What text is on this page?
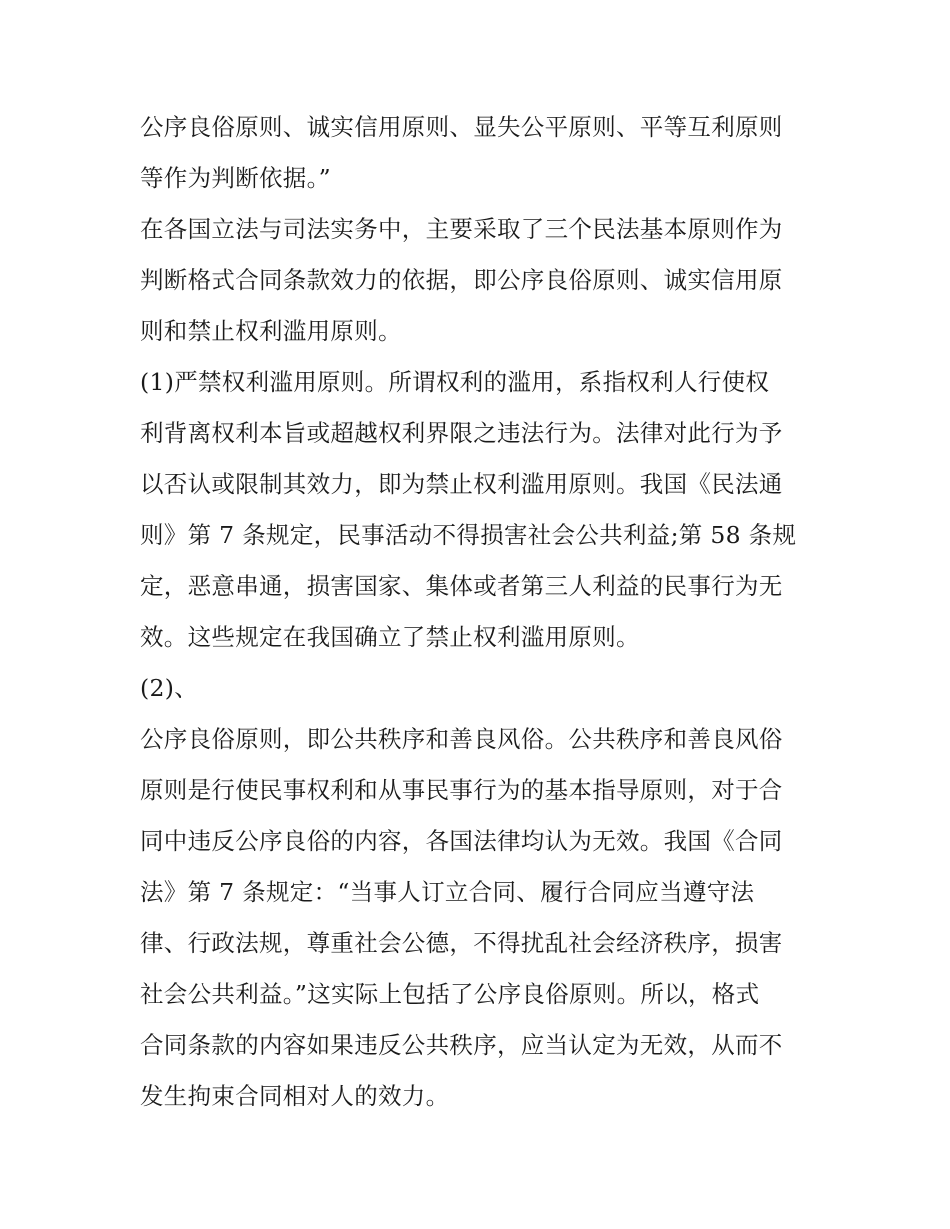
公序良俗原则、诚实信用原则、显失公平原则、平等互利原则
等作为判断依据。”
在各国立法与司法实务中，主要采取了三个民法基本原则作为
判断格式合同条款效力的依据，即公序良俗原则、诚实信用原
则和禁止权利滥用原则。
(1)严禁权利滥用原则。所谓权利的滥用，系指权利人行使权
利背离权利本旨或超越权利界限之违法行为。法律对此行为予
以否认或限制其效力，即为禁止权利滥用原则。我国《民法通
则》第 7 条规定，民事活动不得损害社会公共利益;第 58 条规
定，恶意串通，损害国家、集体或者第三人利益的民事行为无
效。这些规定在我国确立了禁止权利滥用原则。
(2)、
公序良俗原则，即公共秩序和善良风俗。公共秩序和善良风俗
原则是行使民事权利和从事民事行为的基本指导原则，对于合
同中违反公序良俗的内容，各国法律均认为无效。我国《合同
法》第 7 条规定：“当事人订立合同、履行合同应当遵守法
律、行政法规，尊重社会公德，不得扰乱社会经济秩序，损害
社会公共利益。”这实际上包括了公序良俗原则。所以，格式
合同条款的内容如果违反公共秩序，应当认定为无效，从而不
发生拘束合同相对人的效力。
